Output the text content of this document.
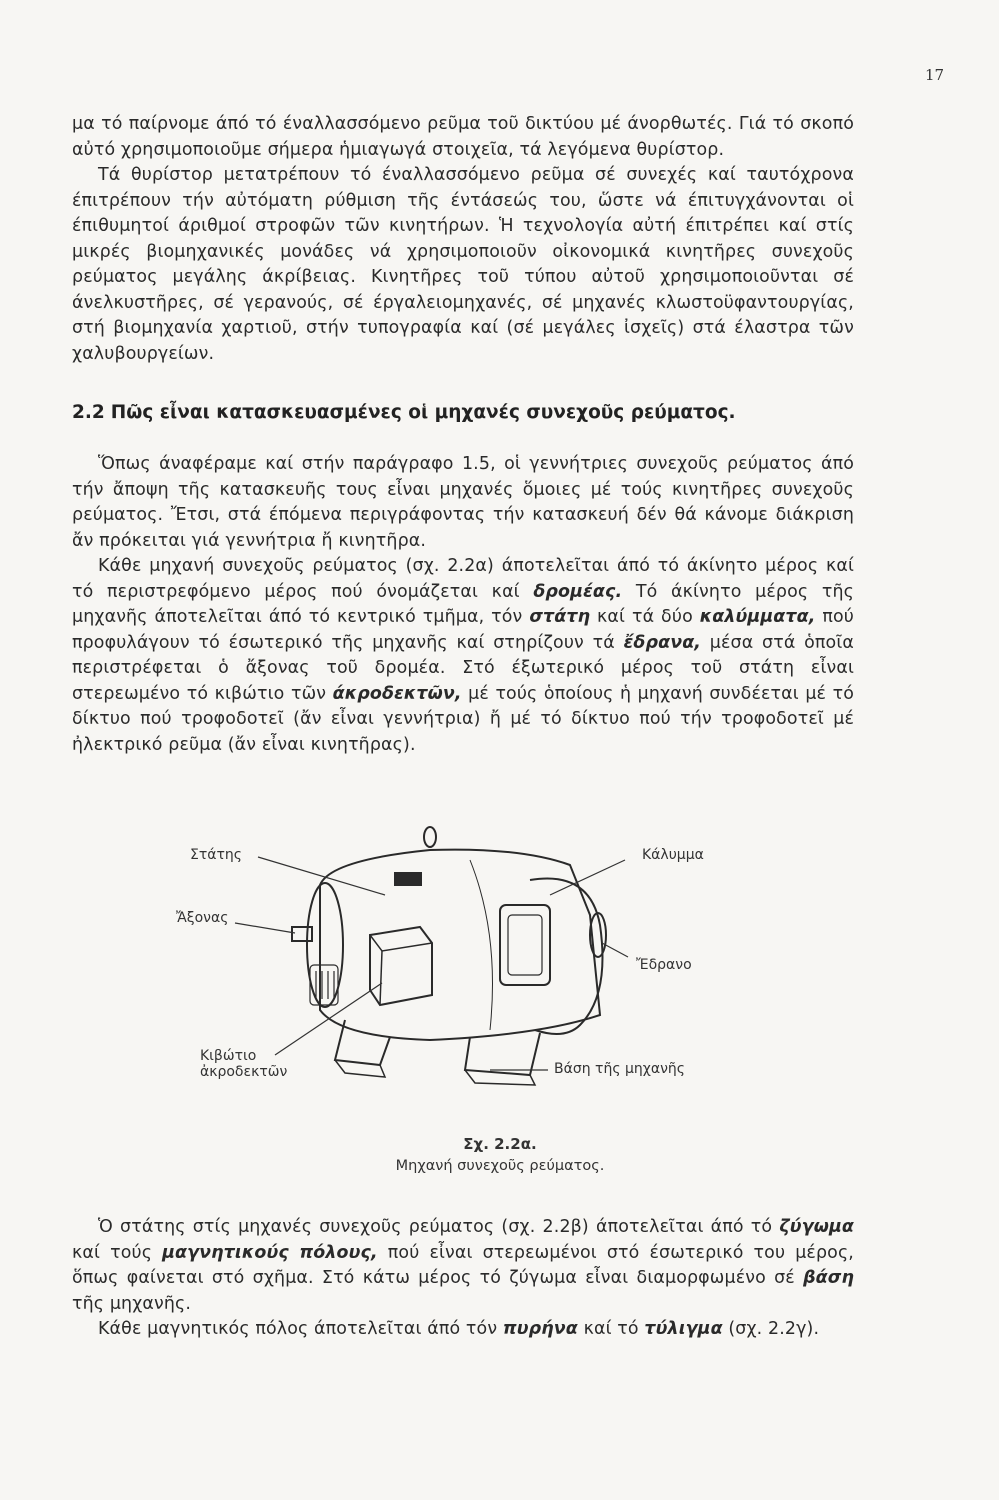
17

μα τό παίρνομε άπό τό έναλλασσόμενο ρεῦμα τοῦ δικτύου μέ άνορθωτές. Γιά τό σκοπό αὐτό χρησιμοποιοῦμε σήμερα ἡμιαγωγά στοιχεῖα, τά λεγόμενα θυρίστορ.

Τά θυρίστορ μετατρέπουν τό έναλλασσόμενο ρεῦμα σέ συνεχές καί ταυτόχρονα έπιτρέπουν τήν αὐτόματη ρύθμιση τῆς έντάσεώς του, ὥστε νά έπιτυγχάνονται οἱ έπιθυμητοί άριθμοί στροφῶν τῶν κινητήρων. Ἡ τεχνολογία αὐτή έπιτρέπει καί στίς μικρές βιομηχανικές μονάδες νά χρησιμοποιοῦν οἰκονομικά κινητῆρες συνεχοῦς ρεύματος μεγάλης άκρίβειας. Κινητῆρες τοῦ τύπου αὐτοῦ χρησιμοποιοῦνται σέ άνελκυστῆρες, σέ γερανούς, σέ έργαλειομηχανές, σέ μηχανές κλωστοϋφαντουργίας, στή βιομηχανία χαρτιοῦ, στήν τυπογραφία καί (σέ μεγάλες ἰσχεῖς) στά έλαστρα τῶν χαλυβουργείων.

2.2 Πῶς εἶναι κατασκευασμένες οἱ μηχανές συνεχοῦς ρεύματος.

Ὅπως άναφέραμε καί στήν παράγραφο 1.5, οἱ γεννήτριες συνεχοῦς ρεύματος άπό τήν ἄποψη τῆς κατασκευῆς τους εἶναι μηχανές ὅμοιες μέ τούς κινητῆρες συνεχοῦς ρεύματος. Ἔτσι, στά έπόμενα περιγράφοντας τήν κατασκευή δέν θά κάνομε διάκριση ἄν πρόκειται γιά γεννήτρια ἤ κινητῆρα.

Κάθε μηχανή συνεχοῦς ρεύματος (σχ. 2.2α) άποτελεῖται άπό τό άκίνητο μέρος καί τό περιστρεφόμενο μέρος πού όνομάζεται καί δρομέας. Τό άκίνητο μέρος τῆς μηχανῆς άποτελεῖται άπό τό κεντρικό τμῆμα, τόν στάτη καί τά δύο καλύμματα, πού προφυλάγουν τό έσωτερικό τῆς μηχανῆς καί στηρίζουν τά ἔδρανα, μέσα στά ὁποῖα περιστρέφεται ὁ ἄξονας τοῦ δρομέα. Στό έξωτερικό μέρος τοῦ στάτη εἶναι στερεωμένο τό κιβώτιο τῶν άκροδεκτῶν, μέ τούς ὁποίους ἡ μηχανή συνδέεται μέ τό δίκτυο πού τροφοδοτεῖ (ἄν εἶναι γεννήτρια) ἤ μέ τό δίκτυο πού τήν τροφοδοτεῖ μέ ἠλεκτρικό ρεῦμα (ἄν εἶναι κινητῆρας).

Στάτης	Κάλυμμα
Ἄξονας
Ἔδρανο
Κιβώτιο
ἀκροδεκτῶν	Βάση τῆς μηχανῆς
Σχ. 2.2α.
Μηχανή συνεχοῦς ρεύματος.

Ὁ στάτης στίς μηχανές συνεχοῦς ρεύματος (σχ. 2.2β) άποτελεῖται άπό τό ζύγωμα καί τούς μαγνητικούς πόλους, πού εἶναι στερεωμένοι στό έσωτερικό του μέρος, ὅπως φαίνεται στό σχῆμα. Στό κάτω μέρος τό ζύγωμα εἶναι διαμορφωμένο σέ βάση τῆς μηχανῆς.

Κάθε μαγνητικός πόλος άποτελεῖται άπό τόν πυρήνα καί τό τύλιγμα (σχ. 2.2γ).
